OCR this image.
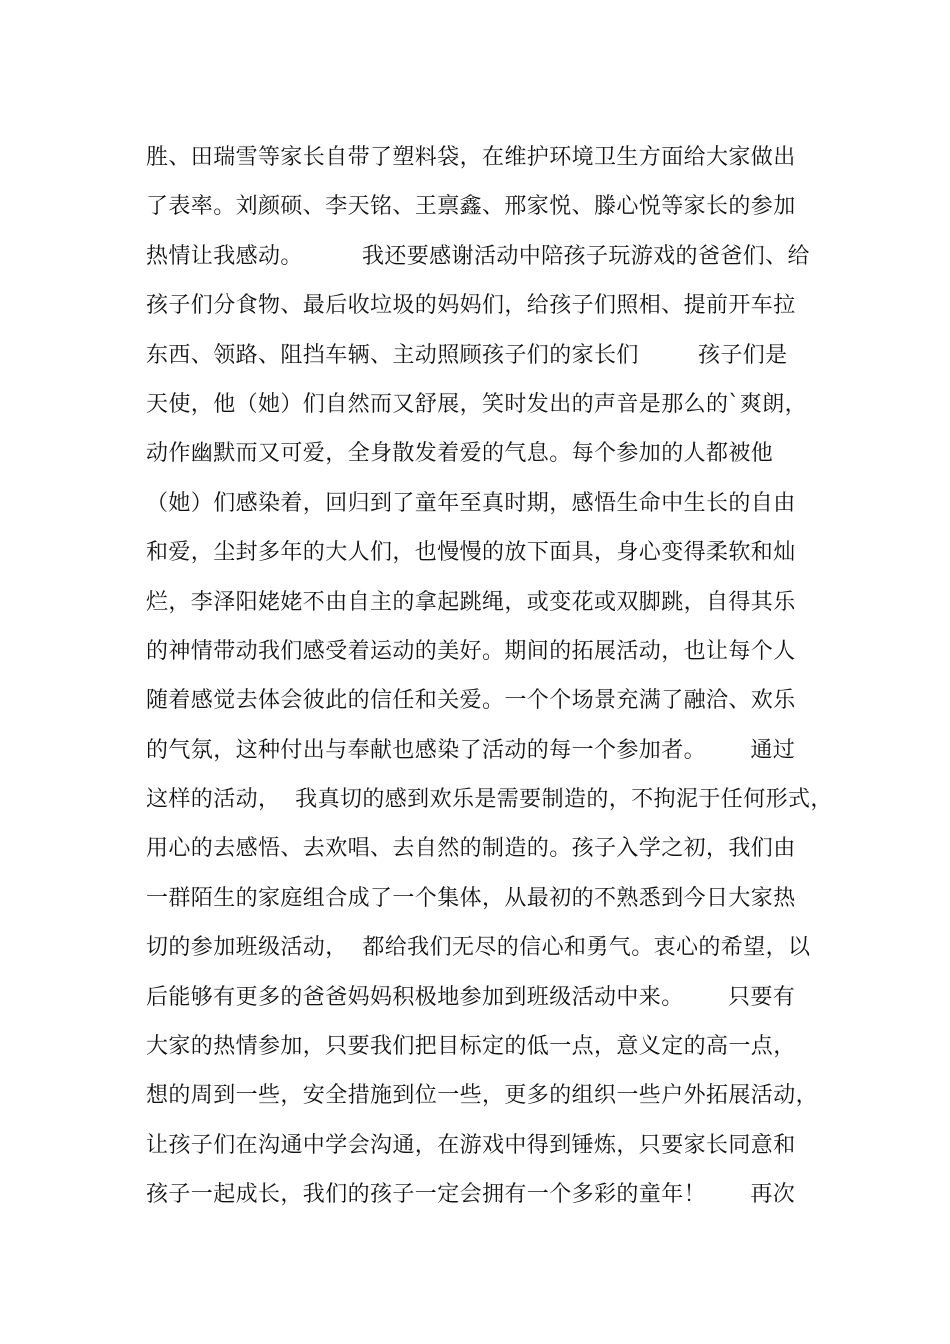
胜、田瑞雪等家长自带了塑料袋，在维护环境卫生方面给大家做出
了表率。刘颜硕、李天铭、王禀鑫、邢家悦、滕心悦等家长的参加
热情让我感动。        我还要感谢活动中陪孩子玩游戏的爸爸们、给
孩子们分食物、最后收垃圾的妈妈们，给孩子们照相、提前开车拉
东西、领路、阻挡车辆、主动照顾孩子们的家长们        孩子们是
天使，他（她）们自然而又舒展，笑时发出的声音是那么的`爽朗，
动作幽默而又可爱，全身散发着爱的气息。每个参加的人都被他
（她）们感染着，回归到了童年至真时期，感悟生命中生长的自由
和爱，尘封多年的大人们，也慢慢的放下面具，身心变得柔软和灿
烂，李泽阳姥姥不由自主的拿起跳绳，或变花或双脚跳，自得其乐
的神情带动我们感受着运动的美好。期间的拓展活动，也让每个人
随着感觉去体会彼此的信任和关爱。一个个场景充满了融洽、欢乐
的气氛，这种付出与奉献也感染了活动的每一个参加者。      通过
这样的活动，  我真切的感到欢乐是需要制造的，不拘泥于任何形式，
用心的去感悟、去欢唱、去自然的制造的。孩子入学之初，我们由
一群陌生的家庭组合成了一个集体，从最初的不熟悉到今日大家热
切的参加班级活动，  都给我们无尽的信心和勇气。衷心的希望，以
后能够有更多的爸爸妈妈积极地参加到班级活动中来。      只要有
大家的热情参加，只要我们把目标定的低一点，意义定的高一点，
想的周到一些，安全措施到位一些，更多的组织一些户外拓展活动，
让孩子们在沟通中学会沟通，在游戏中得到锤炼，只要家长同意和
孩子一起成长，我们的孩子一定会拥有一个多彩的童年！      再次
